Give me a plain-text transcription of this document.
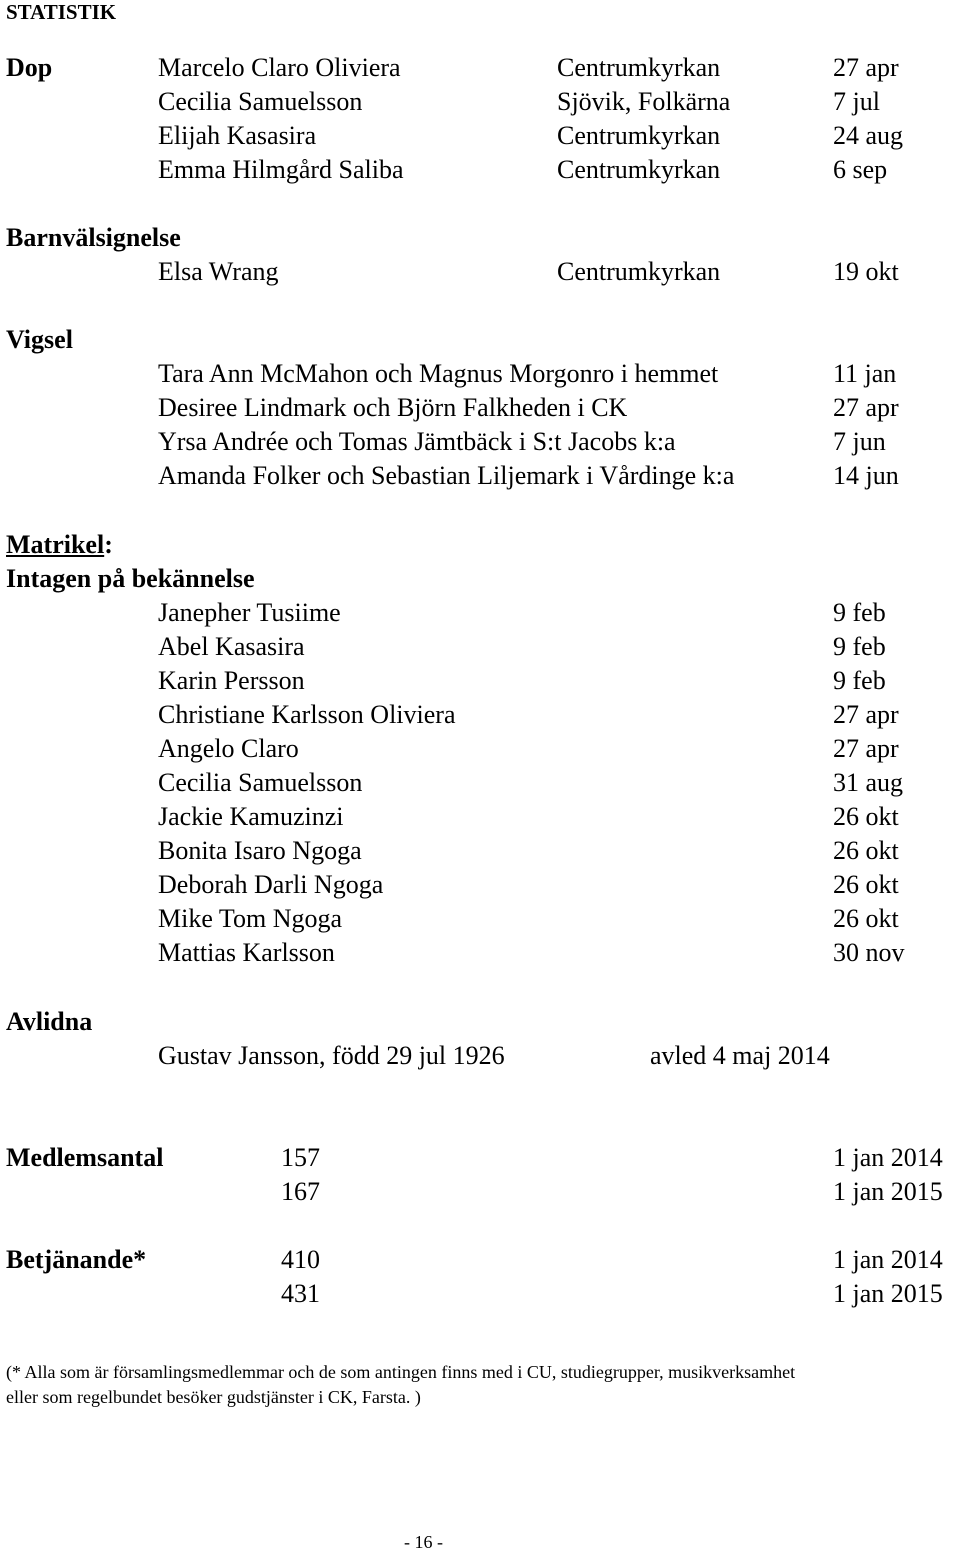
STATISTIK
Dop	Marcelo Claro Oliviera	Centrumkyrkan	27 apr
Cecilia Samuelsson	Sjövik, Folkärna	7 jul
Elijah Kasasira	Centrumkyrkan	24 aug
Emma Hilmgård Saliba	Centrumkyrkan	6 sep
Barnvälsignelse
Elsa Wrang	Centrumkyrkan	19 okt
Vigsel
Tara Ann McMahon och Magnus Morgonro i hemmet	11 jan
Desiree Lindmark och Björn Falkheden i CK	27 apr
Yrsa Andrée och Tomas Jämtbäck i S:t Jacobs k:a	7 jun
Amanda Folker och Sebastian Liljemark i Vårdinge k:a	14 jun
Matrikel:
Intagen på bekännelse
Janepher Tusiime	9 feb
Abel Kasasira	9 feb
Karin Persson	9 feb
Christiane Karlsson Oliviera	27 apr
Angelo Claro	27 apr
Cecilia Samuelsson	31 aug
Jackie Kamuzinzi	26 okt
Bonita Isaro Ngoga	26 okt
Deborah Darli Ngoga	26 okt
Mike Tom Ngoga	26 okt
Mattias Karlsson	30 nov
Avlidna
Gustav Jansson, född 29 jul 1926	avled 4 maj 2014
Medlemsantal	157	1 jan 2014
167	1 jan 2015
Betjänande*	410	1 jan 2014
431	1 jan 2015
(* Alla som är församlingsmedlemmar och de som antingen finns med i CU, studiegrupper, musikverksamhet
eller som regelbundet besöker gudstjänster i CK, Farsta. )
- 16 -
